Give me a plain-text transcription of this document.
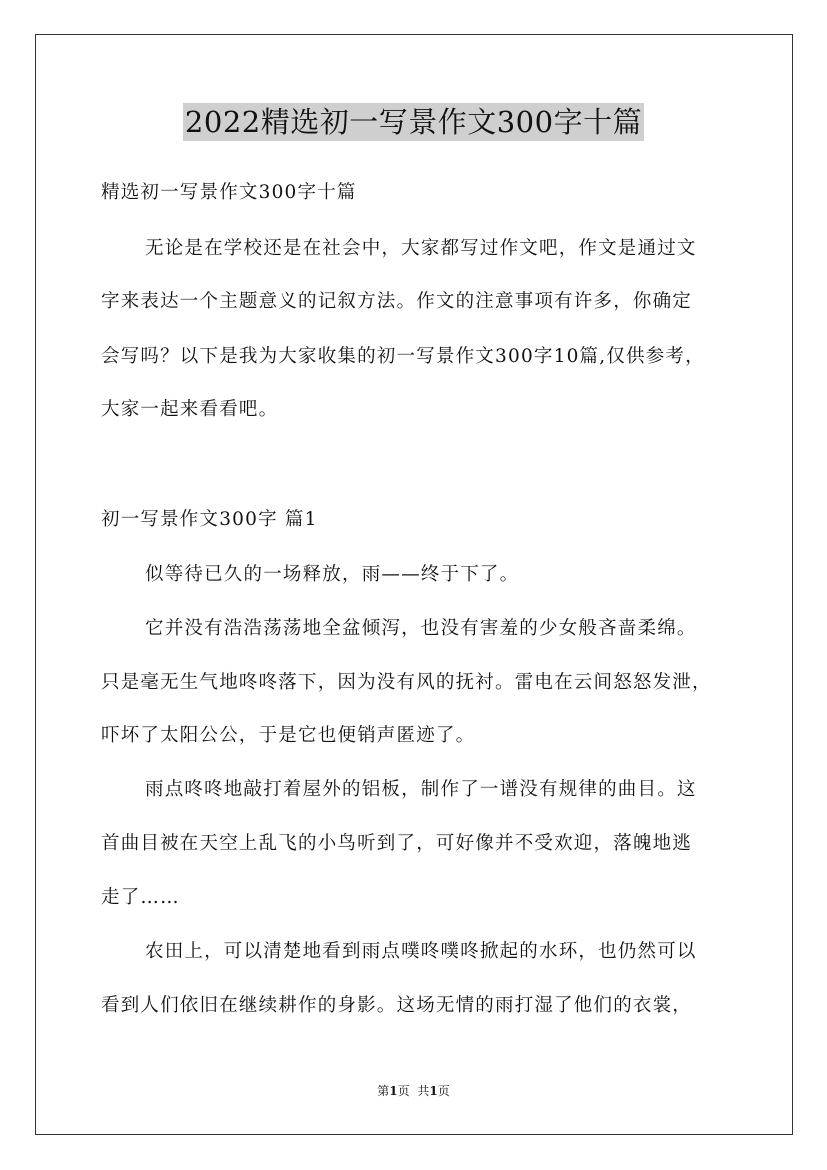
2022精选初一写景作文300字十篇
精选初一写景作文300字十篇
无论是在学校还是在社会中，大家都写过作文吧，作文是通过文
字来表达一个主题意义的记叙方法。作文的注意事项有许多，你确定
会写吗？以下是我为大家收集的初一写景作文300字10篇,仅供参考，
大家一起来看看吧。
初一写景作文300字 篇1
似等待已久的一场释放，雨——终于下了。
它并没有浩浩荡荡地全盆倾泻，也没有害羞的少女般吝啬柔绵。
只是毫无生气地咚咚落下，因为没有风的抚衬。雷电在云间怒怒发泄，
吓坏了太阳公公，于是它也便销声匿迹了。
雨点咚咚地敲打着屋外的铝板，制作了一谱没有规律的曲目。这
首曲目被在天空上乱飞的小鸟听到了，可好像并不受欢迎，落魄地逃
走了……
农田上，可以清楚地看到雨点噗咚噗咚掀起的水环，也仍然可以
看到人们依旧在继续耕作的身影。这场无情的雨打湿了他们的衣裳，
第1页 共1页
